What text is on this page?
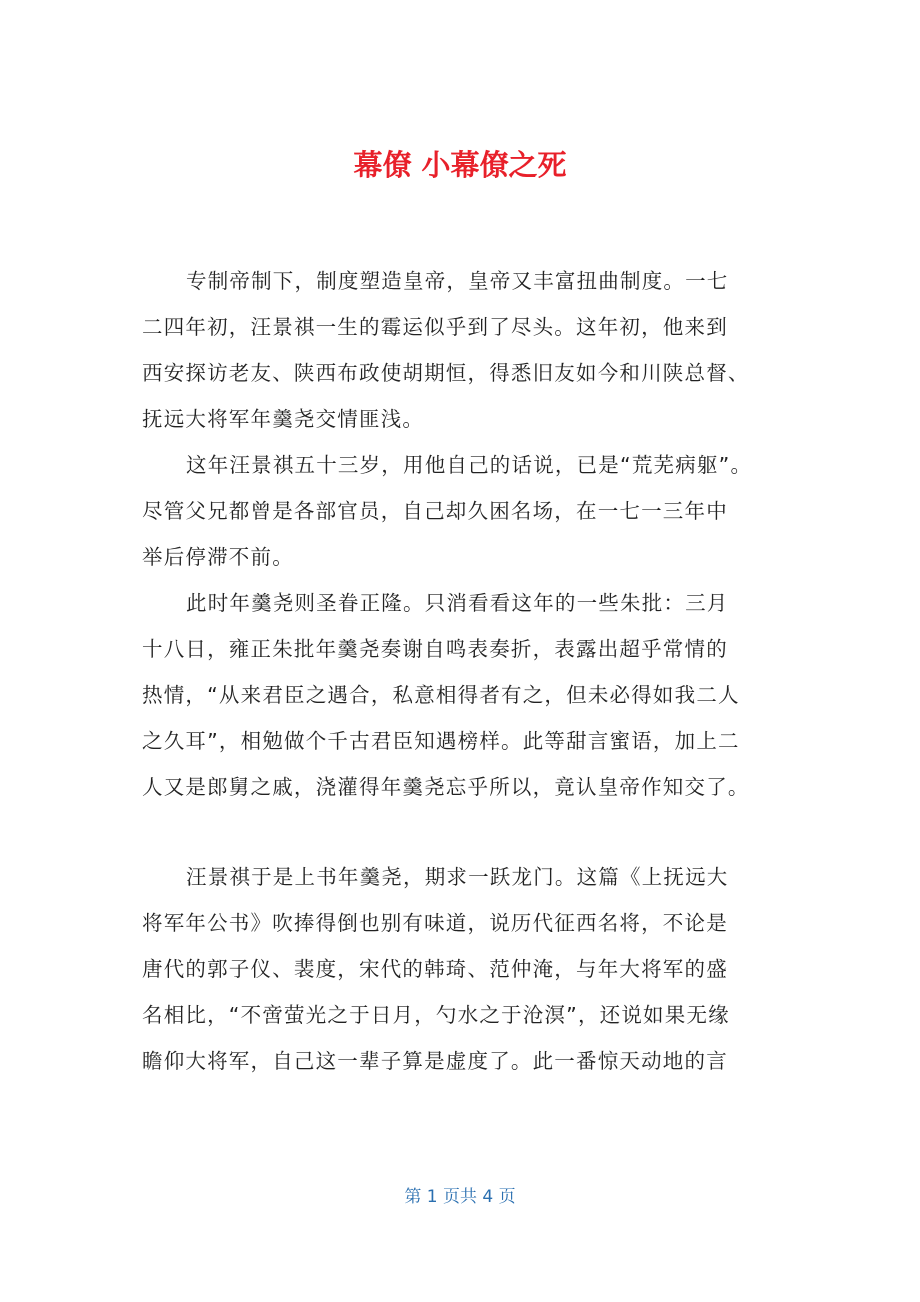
幕僚 小幕僚之死
专制帝制下，制度塑造皇帝，皇帝又丰富扭曲制度。一七
二四年初，汪景祺一生的霉运似乎到了尽头。这年初，他来到
西安探访老友、陕西布政使胡期恒，得悉旧友如今和川陕总督、
抚远大将军年羹尧交情匪浅。
这年汪景祺五十三岁，用他自己的话说，已是“荒芜病躯”。
尽管父兄都曾是各部官员，自己却久困名场，在一七一三年中
举后停滞不前。
此时年羹尧则圣眷正隆。只消看看这年的一些朱批：三月
十八日，雍正朱批年羹尧奏谢自鸣表奏折，表露出超乎常情的
热情，“从来君臣之遇合，私意相得者有之，但未必得如我二人
之久耳”，相勉做个千古君臣知遇榜样。此等甜言蜜语，加上二
人又是郎舅之戚，浇灌得年羹尧忘乎所以，竟认皇帝作知交了。
汪景祺于是上书年羹尧，期求一跃龙门。这篇《上抚远大
将军年公书》吹捧得倒也别有味道，说历代征西名将，不论是
唐代的郭子仪、裴度，宋代的韩琦、范仲淹，与年大将军的盛
名相比，“不啻萤光之于日月，勺水之于沧溟”，还说如果无缘
瞻仰大将军，自己这一辈子算是虚度了。此一番惊天动地的言
第 1 页共 4 页
